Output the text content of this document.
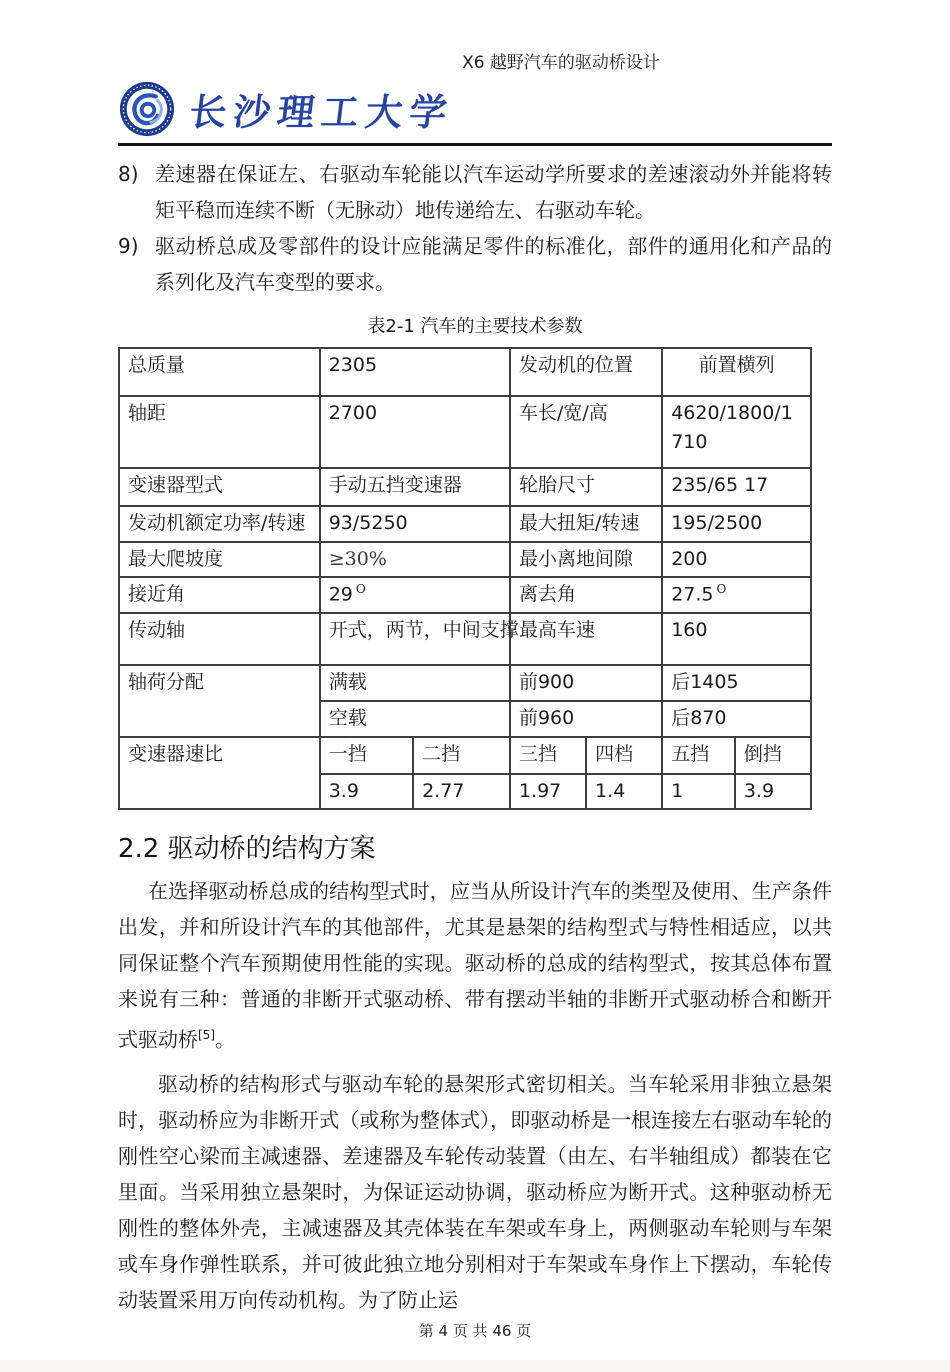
X6 越野汽车的驱动桥设计
长沙理工大学
8) 差速器在保证左、右驱动车轮能以汽车运动学所要求的差速滚动外并能将转矩平稳而连续不断（无脉动）地传递给左、右驱动车轮。
9) 驱动桥总成及零部件的设计应能满足零件的标准化，部件的通用化和产品的系列化及汽车变型的要求。
表2-1 汽车的主要技术参数
总质量	2305		发动机的位置		前置横列	
轴距	2700		车长/宽/高		4620/1800/1710	
变速器型式	手动五挡变速器		轮胎尺寸		235/65 17	
发动机额定功率/转速	93/5250		最大扭矩/转速		195/2500	
最大爬坡度	≥30%		最小离地间隙		200	
接近角	29 $^O$		离去角		27.5 $^O$
传动轴	开式，两节，中间支撑		最高车速		160	
轴荷分配	满载		前900		后1405	
	空载		前960		后870	
变速器速比	一挡	二挡	三挡	四档	五挡	倒挡
	3.9	2.77	1.97	1.4	1	3.9
2.2 驱动桥的结构方案

在选择驱动桥总成的结构型式时，应当从所设计汽车的类型及使用、生产条件出发，并和所设计汽车的其他部件，尤其是悬架的结构型式与特性相适应，以共同保证整个汽车预期使用性能的实现。驱动桥的总成的结构型式，按其总体布置来说有三种：普通的非断开式驱动桥、带有摆动半轴的非断开式驱动桥合和断开式驱动桥[5]。

驱动桥的结构形式与驱动车轮的悬架形式密切相关。当车轮采用非独立悬架时，驱动桥应为非断开式（或称为整体式），即驱动桥是一根连接左右驱动车轮的刚性空心梁而主减速器、差速器及车轮传动装置（由左、右半轴组成）都装在它里面。当采用独立悬架时，为保证运动协调，驱动桥应为断开式。这种驱动桥无刚性的整体外壳，主减速器及其壳体装在车架或车身上，两侧驱动车轮则与车架或车身作弹性联系，并可彼此独立地分别相对于车架或车身作上下摆动，车轮传动装置采用万向传动机构。为了防止运

第 4 页 共 46 页
